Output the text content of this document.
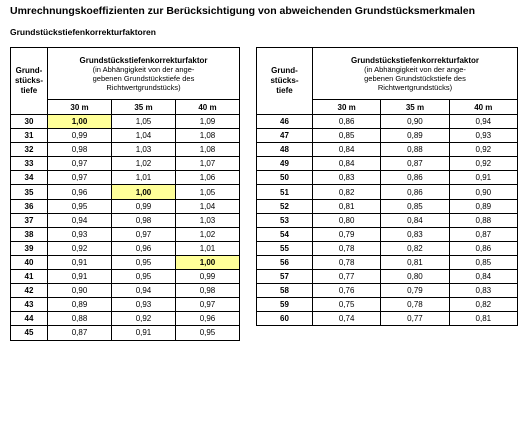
Umrechnungskoeffizienten zur Berücksichtigung von abweichenden Grundstücksmerkmalen
Grundstückstiefenkorrekturfaktoren
Grund-
stücks-
tiefe	Grundstückstiefenkorrekturfaktor
(in Abhängigkeit von der ange-
gebenen Grundstückstiefe des
Richtwertgrundstücks)		
	30 m	35 m	40 m
30	1,00	1,05	1,09
31	0,99	1,04	1,08
32	0,98	1,03	1,08
33	0,97	1,02	1,07
34	0,97	1,01	1,06
35	0,96	1,00	1,05
36	0,95	0,99	1,04
37	0,94	0,98	1,03
38	0,93	0,97	1,02
39	0,92	0,96	1,01
40	0,91	0,95	1,00
41	0,91	0,95	0,99
42	0,90	0,94	0,98
43	0,89	0,93	0,97
44	0,88	0,92	0,96
45	0,87	0,91	0,95
Grund-
stücks-
tiefe	Grundstückstiefenkorrekturfaktor
(in Abhängigkeit von der ange-
gebenen Grundstückstiefe des
Richtwertgrundstücks)		
	30 m	35 m	40 m
46	0,86	0,90	0,94
47	0,85	0,89	0,93
48	0,84	0,88	0,92
49	0,84	0,87	0,92
50	0,83	0,86	0,91
51	0,82	0,86	0,90
52	0,81	0,85	0,89
53	0,80	0,84	0,88
54	0,79	0,83	0,87
55	0,78	0,82	0,86
56	0,78	0,81	0,85
57	0,77	0,80	0,84
58	0,76	0,79	0,83
59	0,75	0,78	0,82
60	0,74	0,77	0,81
